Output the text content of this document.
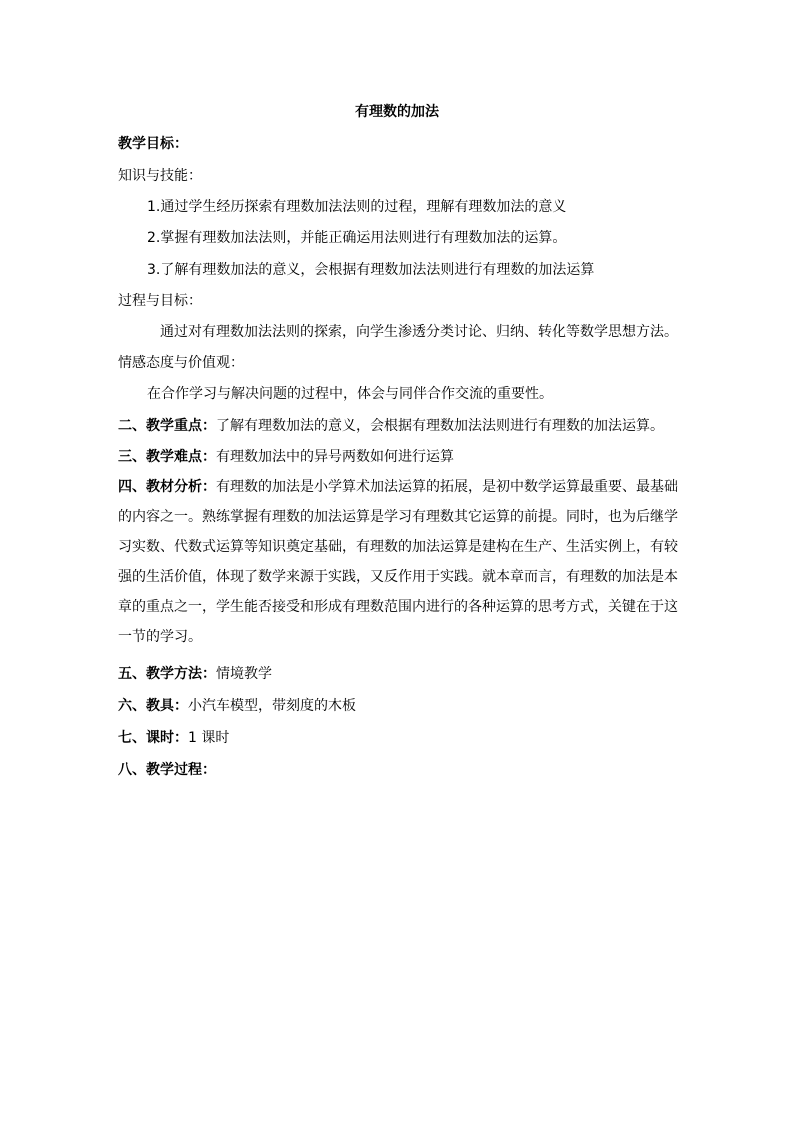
有理数的加法
教学目标：
知识与技能：
1.通过学生经历探索有理数加法法则的过程，理解有理数加法的意义
2.掌握有理数加法法则，并能正确运用法则进行有理数加法的运算。
3.了解有理数加法的意义，会根据有理数加法法则进行有理数的加法运算
过程与目标：
通过对有理数加法法则的探索，向学生渗透分类讨论、归纳、转化等数学思想方法。
情感态度与价值观：
在合作学习与解决问题的过程中，体会与同伴合作交流的重要性。
二、教学重点：了解有理数加法的意义，会根据有理数加法法则进行有理数的加法运算。
三、教学难点：有理数加法中的异号两数如何进行运算
四、教材分析：有理数的加法是小学算术加法运算的拓展，是初中数学运算最重要、最基础的内容之一。熟练掌握有理数的加法运算是学习有理数其它运算的前提。同时，也为后继学习实数、代数式运算等知识奠定基础，有理数的加法运算是建构在生产、生活实例上，有较强的生活价值，体现了数学来源于实践，又反作用于实践。就本章而言，有理数的加法是本章的重点之一，学生能否接受和形成有理数范围内进行的各种运算的思考方式，关键在于这一节的学习。
五、教学方法：情境教学
六、教具：小汽车模型，带刻度的木板
七、课时：1 课时
八、教学过程：
